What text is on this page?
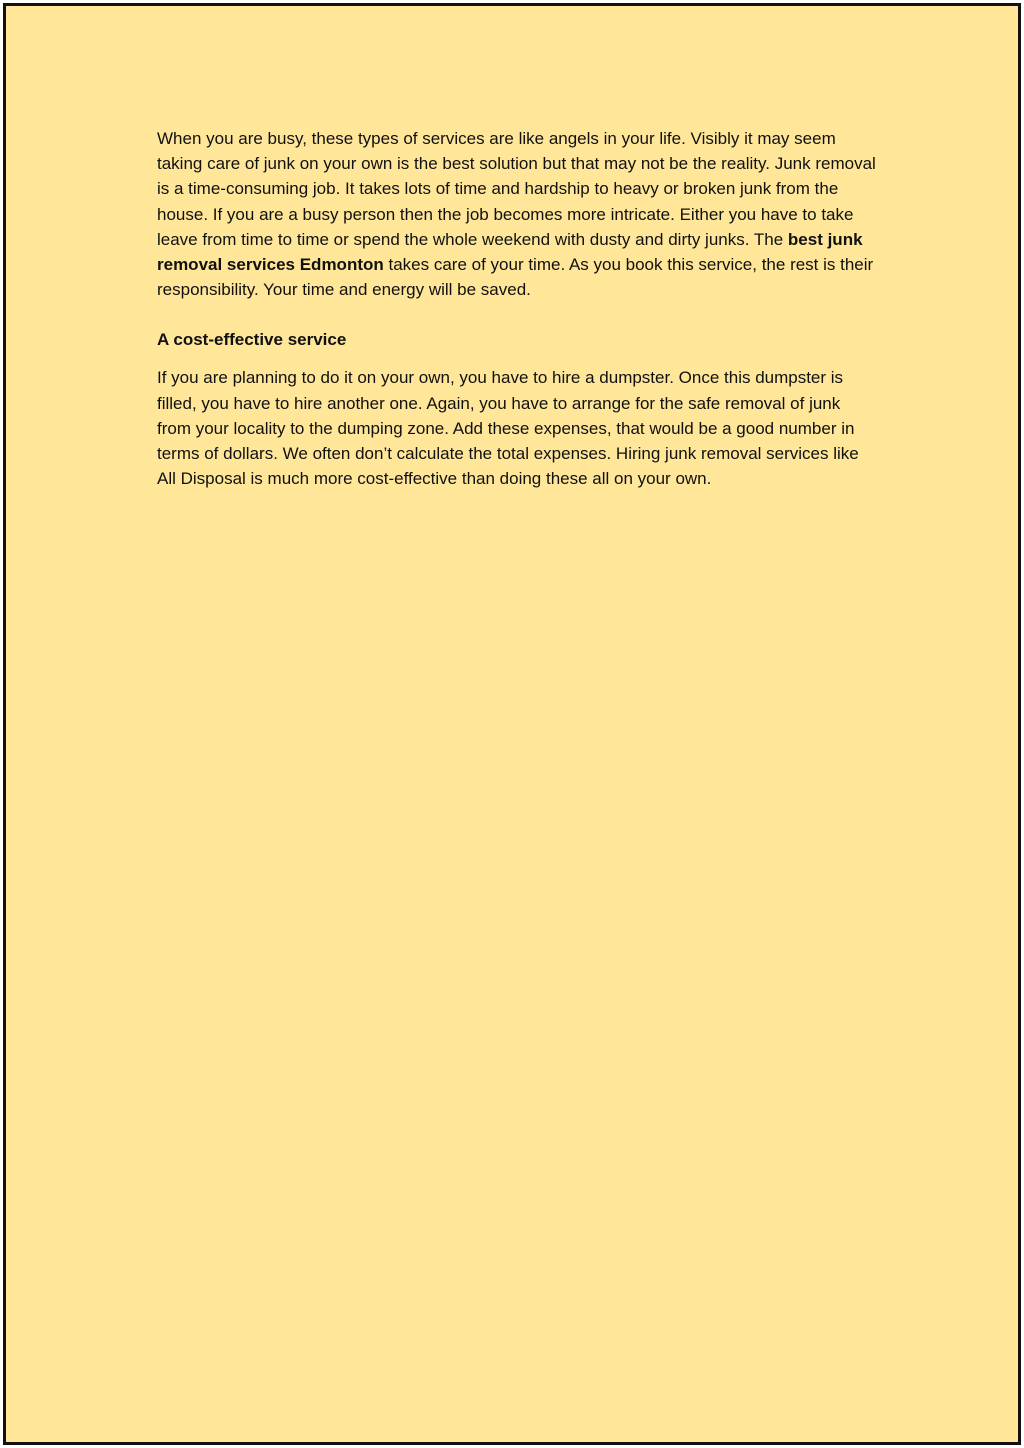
When you are busy, these types of services are like angels in your life. Visibly it may seem taking care of junk on your own is the best solution but that may not be the reality. Junk removal is a time-consuming job. It takes lots of time and hardship to heavy or broken junk from the house. If you are a busy person then the job becomes more intricate. Either you have to take leave from time to time or spend the whole weekend with dusty and dirty junks. The best junk removal services Edmonton takes care of your time. As you book this service, the rest is their responsibility. Your time and energy will be saved.

A cost-effective service

If you are planning to do it on your own, you have to hire a dumpster. Once this dumpster is filled, you have to hire another one. Again, you have to arrange for the safe removal of junk from your locality to the dumping zone. Add these expenses, that would be a good number in terms of dollars. We often don’t calculate the total expenses. Hiring junk removal services like All Disposal is much more cost-effective than doing these all on your own.
